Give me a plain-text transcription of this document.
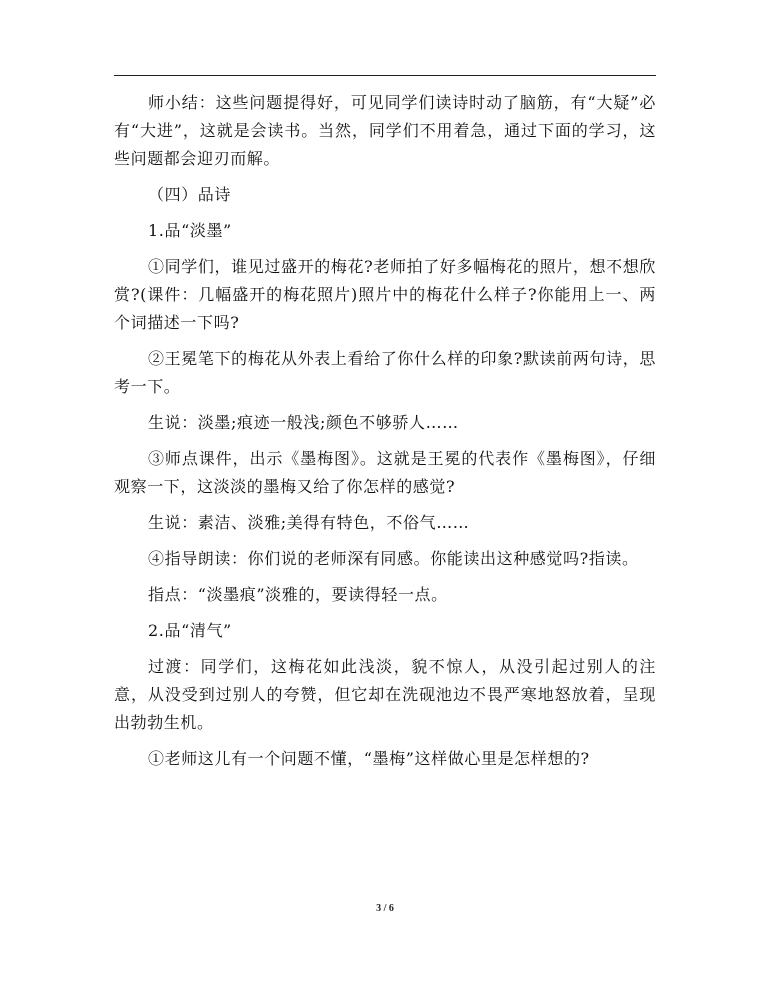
师小结：这些问题提得好，可见同学们读诗时动了脑筋，有“大疑”必有“大进”，这就是会读书。当然，同学们不用着急，通过下面的学习，这些问题都会迎刃而解。

（四）品诗

1.品“淡墨”

①同学们，谁见过盛开的梅花?老师拍了好多幅梅花的照片，想不想欣赏?(课件：几幅盛开的梅花照片)照片中的梅花什么样子?你能用上一、两个词描述一下吗?

②王冕笔下的梅花从外表上看给了你什么样的印象?默读前两句诗，思考一下。

生说：淡墨;痕迹一般浅;颜色不够骄人……

③师点课件，出示《墨梅图》。这就是王冕的代表作《墨梅图》，仔细观察一下，这淡淡的墨梅又给了你怎样的感觉?

生说：素洁、淡雅;美得有特色，不俗气……

④指导朗读：你们说的老师深有同感。你能读出这种感觉吗?指读。

指点：“淡墨痕”淡雅的，要读得轻一点。

2.品“清气”

过渡：同学们，这梅花如此浅淡，貌不惊人，从没引起过别人的注意，从没受到过别人的夸赞，但它却在洗砚池边不畏严寒地怒放着，呈现出勃勃生机。

①老师这儿有一个问题不懂，“墨梅”这样做心里是怎样想的?

3 / 6
